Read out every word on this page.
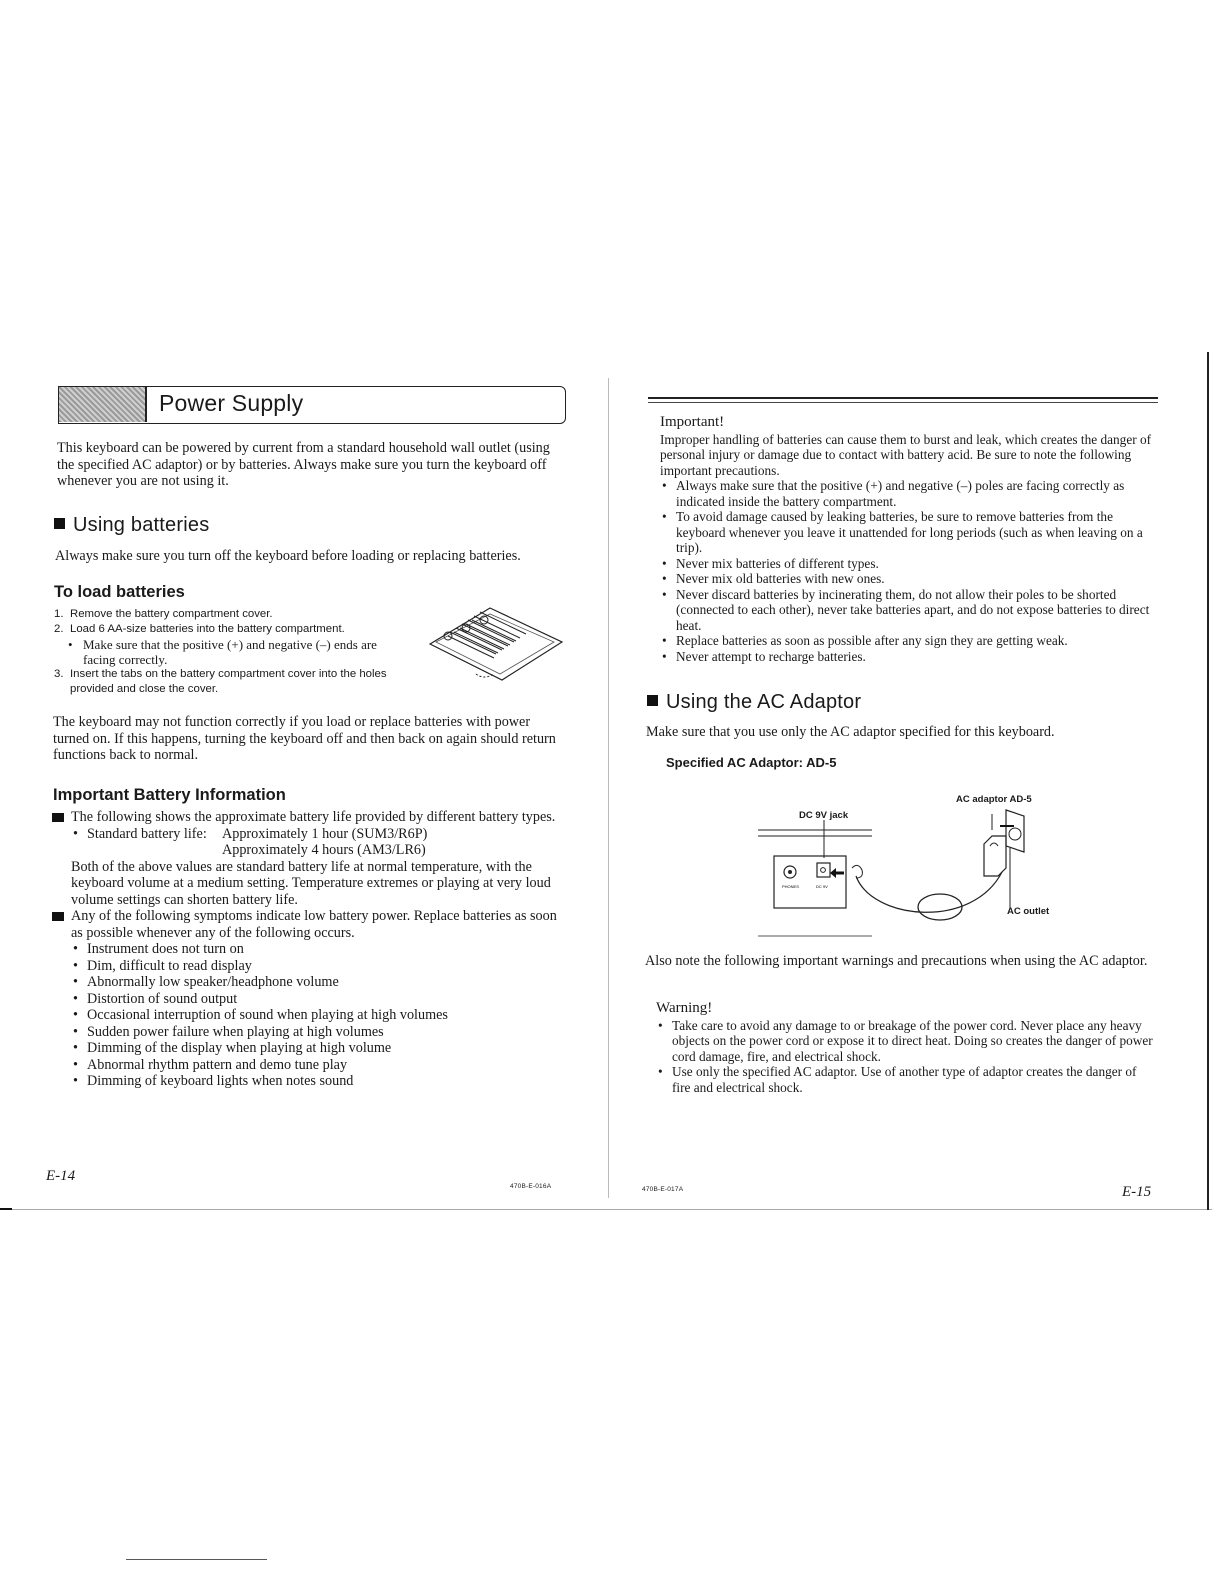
Power Supply

This keyboard can be powered by current from a standard household wall outlet (using the specified AC adaptor) or by batteries. Always make sure you turn the keyboard off whenever you are not using it.

Using batteries

Always make sure you turn off the keyboard before loading or replacing batteries.

To load batteries
1. Remove the battery compartment cover.
2. Load 6 AA-size batteries into the battery compartment.
• Make sure that the positive (+) and negative (–) ends are facing correctly.
3. Insert the tabs on the battery compartment cover into the holes provided and close the cover.

The keyboard may not function correctly if you load or replace batteries with power turned on. If this happens, turning the keyboard off and then back on again should return functions back to normal.

Important Battery Information
The following shows the approximate battery life provided by different battery types.
• Standard battery life: Approximately 1 hour (SUM3/R6P)
Approximately 4 hours (AM3/LR6)
Both of the above values are standard battery life at normal temperature, with the keyboard volume at a medium setting. Temperature extremes or playing at very loud volume settings can shorten battery life.
Any of the following symptoms indicate low battery power. Replace batteries as soon as possible whenever any of the following occurs.
• Instrument does not turn on
• Dim, difficult to read display
• Abnormally low speaker/headphone volume
• Distortion of sound output
• Occasional interruption of sound when playing at high volumes
• Sudden power failure when playing at high volumes
• Dimming of the display when playing at high volume
• Abnormal rhythm pattern and demo tune play
• Dimming of keyboard lights when notes sound
E-14
470B-E-016A
Important!

Improper handling of batteries can cause them to burst and leak, which creates the danger of personal injury or damage due to contact with battery acid. Be sure to note the following important precautions.

• Always make sure that the positive (+) and negative (–) poles are facing correctly as indicated inside the battery compartment.
• To avoid damage caused by leaking batteries, be sure to remove batteries from the keyboard whenever you leave it unattended for long periods (such as when leaving on a trip).
• Never mix batteries of different types.
• Never mix old batteries with new ones.
• Never discard batteries by incinerating them, do not allow their poles to be shorted (connected to each other), never take batteries apart, and do not expose batteries to direct heat.
• Replace batteries as soon as possible after any sign they are getting weak.
• Never attempt to recharge batteries.
Using the AC Adaptor

Make sure that you use only the AC adaptor specified for this keyboard.

Specified AC Adaptor: AD-5
DC 9V jack
AC adaptor AD-5
AC outlet
PHONES	DC 9V

Also note the following important warnings and precautions when using the AC adaptor.

Warning!
• Take care to avoid any damage to or breakage of the power cord. Never place any heavy objects on the power cord or expose it to direct heat. Doing so creates the danger of power cord damage, fire, and electrical shock.
• Use only the specified AC adaptor. Use of another type of adaptor creates the danger of fire and electrical shock.
470B-E-017A	E-15
